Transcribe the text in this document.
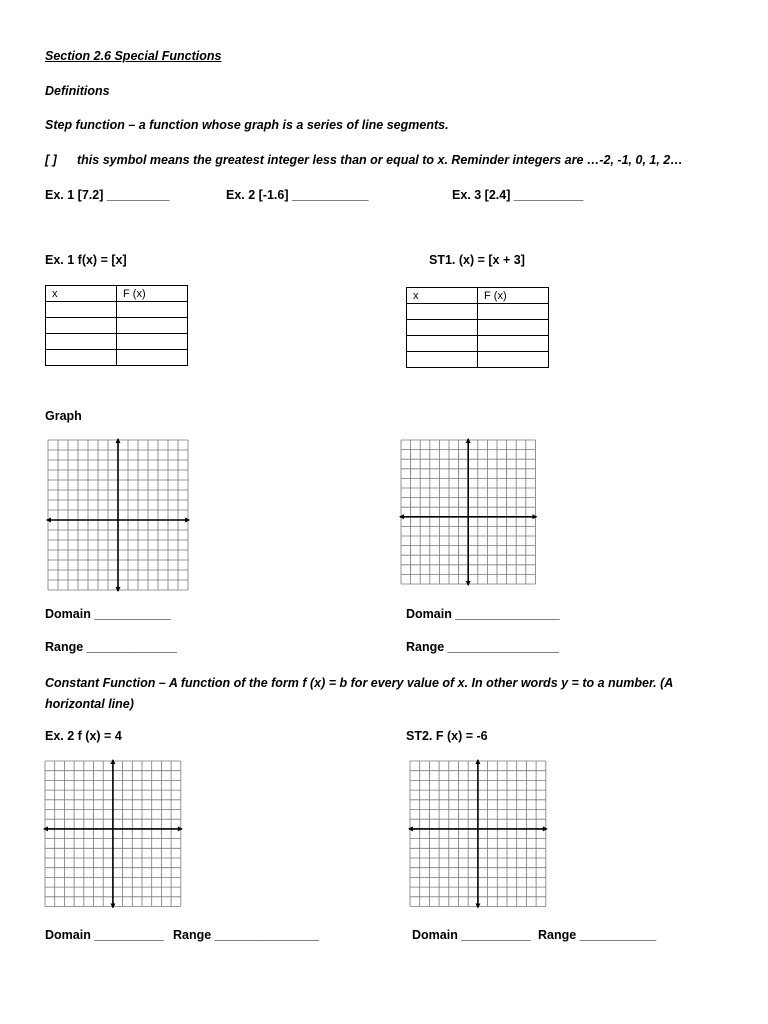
Section 2.6 Special Functions
Definitions
Step function – a function whose graph is a series of line segments.
[ ] this symbol means the greatest integer less than or equal to x. Reminder integers are …-2, -1, 0, 1, 2…
Ex. 1 [7.2] _________	Ex. 2 [-1.6] ___________	Ex. 3 [2.4] __________
Ex. 1 f(x) = [x]
x	F (x)

ST1. (x) = [x + 3]
x	F (x)

Graph
Domain ___________	Domain _______________
Range _____________	Range ________________
Constant Function – A function of the form f (x) = b for every value of x. In other words y = to a number. (A horizontal line)
Ex. 2 f (x) = 4	ST2. F (x) = -6
Domain __________ Range _______________	Domain __________ Range ___________
